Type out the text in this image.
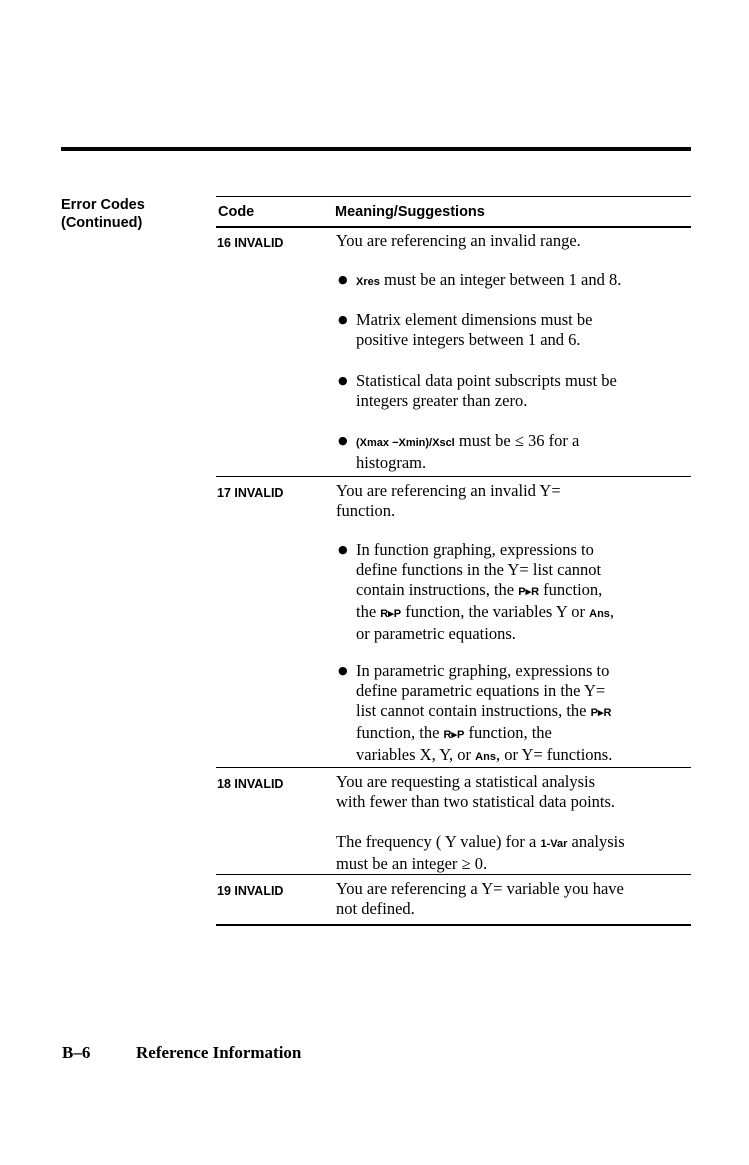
Error Codes
(Continued)
Code	Meaning/Suggestions
16 INVALID	You are referencing an invalid range.
● Xres must be an integer between 1 and 8.
● Matrix element dimensions must be
positive integers between 1 and 6.
● Statistical data point subscripts must be
integers greater than zero.
● (Xmax −Xmin)/Xscl must be ≤ 36 for a
histogram.
17 INVALID	You are referencing an invalid Y=
function.
● In function graphing, expressions to
define functions in the Y= list cannot
contain instructions, the P▸R function,
the R▸P function, the variables Y or Ans,
or parametric equations.
● In parametric graphing, expressions to
define parametric equations in the Y=
list cannot contain instructions, the P▸R
function, the R▸P function, the
variables X, Y, or Ans, or Y= functions.
18 INVALID	You are requesting a statistical analysis
with fewer than two statistical data points.
The frequency ( Y value) for a 1-Var analysis
must be an integer ≥ 0.
19 INVALID	You are referencing a Y= variable you have
not defined.
B–6	Reference Information
